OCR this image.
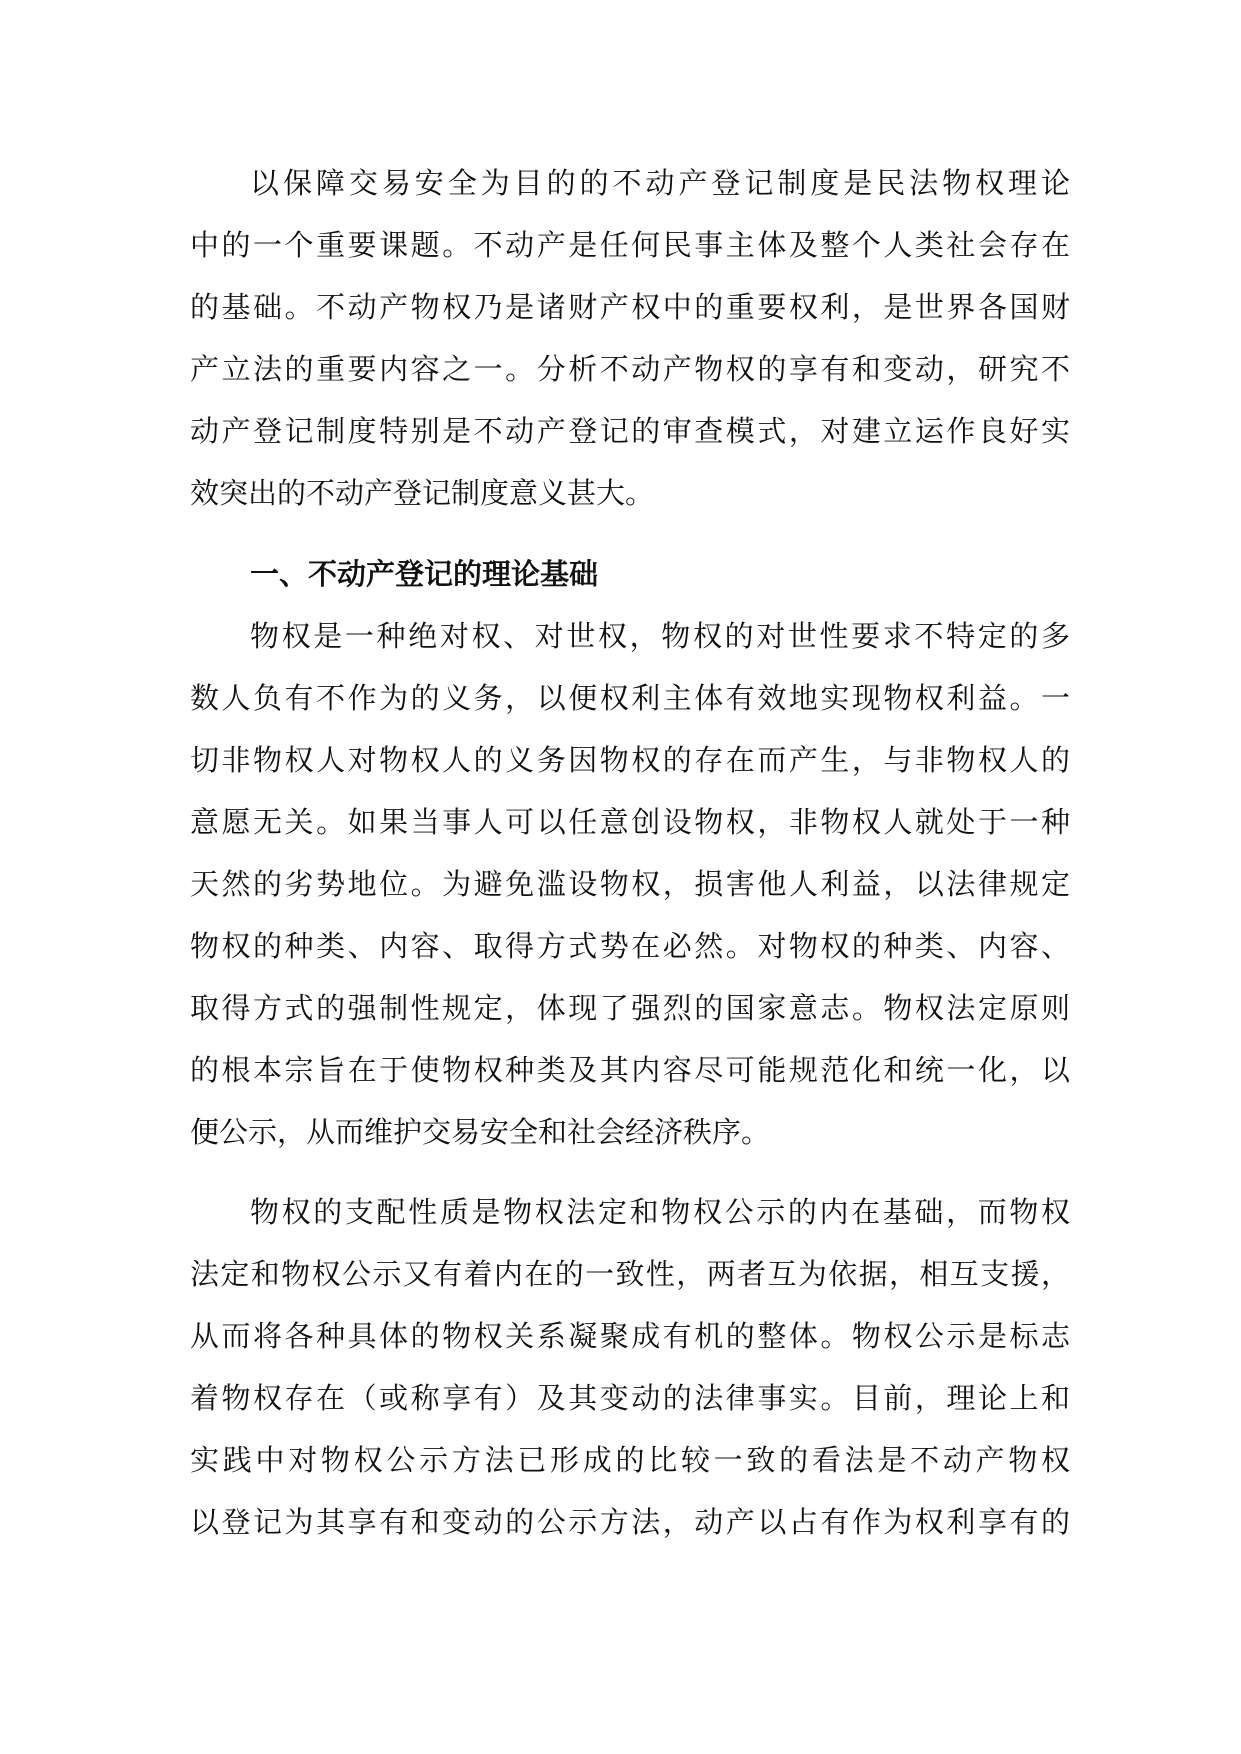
以保障交易安全为目的的不动产登记制度是民法物权理论
中的一个重要课题。不动产是任何民事主体及整个人类社会存在
的基础。不动产物权乃是诸财产权中的重要权利，是世界各国财
产立法的重要内容之一。分析不动产物权的享有和变动，研究不
动产登记制度特别是不动产登记的审查模式，对建立运作良好实
效突出的不动产登记制度意义甚大。
一、不动产登记的理论基础
物权是一种绝对权、对世权，物权的对世性要求不特定的多
数人负有不作为的义务，以便权利主体有效地实现物权利益。一
切非物权人对物权人的义务因物权的存在而产生，与非物权人的
意愿无关。如果当事人可以任意创设物权，非物权人就处于一种
天然的劣势地位。为避免滥设物权，损害他人利益，以法律规定
物权的种类、内容、取得方式势在必然。对物权的种类、内容、
取得方式的强制性规定，体现了强烈的国家意志。物权法定原则
的根本宗旨在于使物权种类及其内容尽可能规范化和统一化，以
便公示，从而维护交易安全和社会经济秩序。
物权的支配性质是物权法定和物权公示的内在基础，而物权
法定和物权公示又有着内在的一致性，两者互为依据，相互支援，
从而将各种具体的物权关系凝聚成有机的整体。物权公示是标志
着物权存在（或称享有）及其变动的法律事实。目前，理论上和
实践中对物权公示方法已形成的比较一致的看法是不动产物权
以登记为其享有和变动的公示方法，动产以占有作为权利享有的
